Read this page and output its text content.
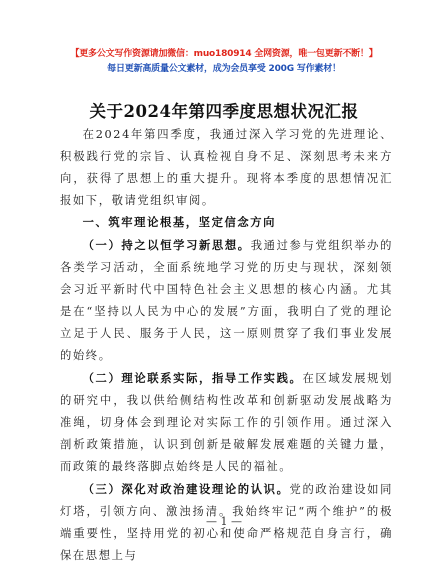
【更多公文写作资源请加微信：muo180914 全网资源，唯一包更新不断！】
每日更新高质量公文素材，成为会员享受 200G 写作素材！
关于2024年第四季度思想状况汇报

在2024年第四季度，我通过深入学习党的先进理论、积极践行党的宗旨、认真检视自身不足、深刻思考未来方向，获得了思想上的重大提升。现将本季度的思想情况汇报如下，敬请党组织审阅。

一、筑牢理论根基，坚定信念方向

（一）持之以恒学习新思想。我通过参与党组织举办的各类学习活动，全面系统地学习党的历史与现状，深刻领会习近平新时代中国特色社会主义思想的核心内涵。尤其是在“坚持以人民为中心的发展”方面，我明白了党的理论立足于人民、服务于人民，这一原则贯穿了我们事业发展的始终。

（二）理论联系实际，指导工作实践。在区域发展规划的研究中，我以供给侧结构性改革和创新驱动发展战略为准绳，切身体会到理论对实际工作的引领作用。通过深入剖析政策措施，认识到创新是破解发展难题的关键力量，而政策的最终落脚点始终是人民的福祉。

（三）深化对政治建设理论的认识。党的政治建设如同灯塔，引领方向、激浊扬清。我始终牢记“两个维护”的极端重要性，坚持用党的初心和使命严格规范自身言行，确保在思想上与

— 1 —
